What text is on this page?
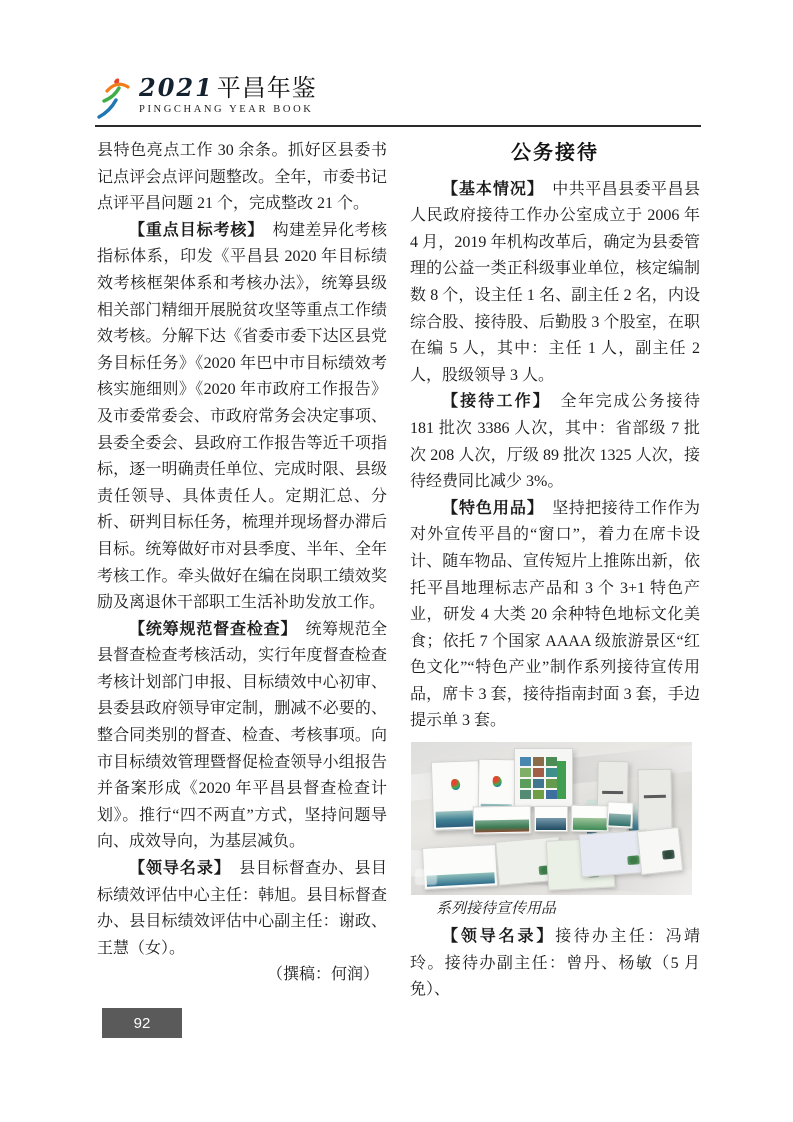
2021 平昌年鉴
PINGCHANG YEAR BOOK

县特色亮点工作 30 余条。抓好区县委书记点评会点评问题整改。全年，市委书记点评平昌问题 21 个，完成整改 21 个。

【重点目标考核】　构建差异化考核指标体系，印发《平昌县 2020 年目标绩效考核框架体系和考核办法》，统筹县级相关部门精细开展脱贫攻坚等重点工作绩效考核。分解下达《省委市委下达区县党务目标任务》《2020 年巴中市目标绩效考核实施细则》《2020 年市政府工作报告》及市委常委会、市政府常务会决定事项、县委全委会、县政府工作报告等近千项指标，逐一明确责任单位、完成时限、县级责任领导、具体责任人。定期汇总、分析、研判目标任务，梳理并现场督办滞后目标。统筹做好市对县季度、半年、全年考核工作。牵头做好在编在岗职工绩效奖励及离退休干部职工生活补助发放工作。

【统筹规范督查检查】　统筹规范全县督查检查考核活动，实行年度督查检查考核计划部门申报、目标绩效中心初审、县委县政府领导审定制，删减不必要的、整合同类别的督查、检查、考核事项。向市目标绩效管理暨督促检查领导小组报告并备案形成《2020 年平昌县督查检查计划》。推行“四不两直”方式，坚持问题导向、成效导向，为基层减负。

【领导名录】　县目标督查办、县目标绩效评估中心主任：韩旭。县目标督查办、县目标绩效评估中心副主任：谢政、王慧（女）。

（撰稿：何润）

公务接待

【基本情况】　中共平昌县委平昌县人民政府接待工作办公室成立于 2006 年 4 月，2019 年机构改革后，确定为县委管理的公益一类正科级事业单位，核定编制数 8 个，设主任 1 名、副主任 2 名，内设综合股、接待股、后勤股 3 个股室，在职在编 5 人，其中：主任 1 人，副主任 2 人，股级领导 3 人。

【接待工作】　全年完成公务接待 181 批次 3386 人次，其中：省部级 7 批次 208 人次，厅级 89 批次 1325 人次，接待经费同比减少 3%。

【特色用品】　坚持把接待工作作为对外宣传平昌的“窗口”，着力在席卡设计、随车物品、宣传短片上推陈出新，依托平昌地理标志产品和 3 个 3+1 特色产业，研发 4 大类 20 余种特色地标文化美食；依托 7 个国家 AAAA 级旅游景区“红色文化”“特色产业”制作系列接待宣传用品，席卡 3 套，接待指南封面 3 套，手边提示单 3 套。

系列接待宣传用品

【领导名录】接待办主任：冯靖玲。接待办副主任：曾丹、杨敏（5 月免）、

92
